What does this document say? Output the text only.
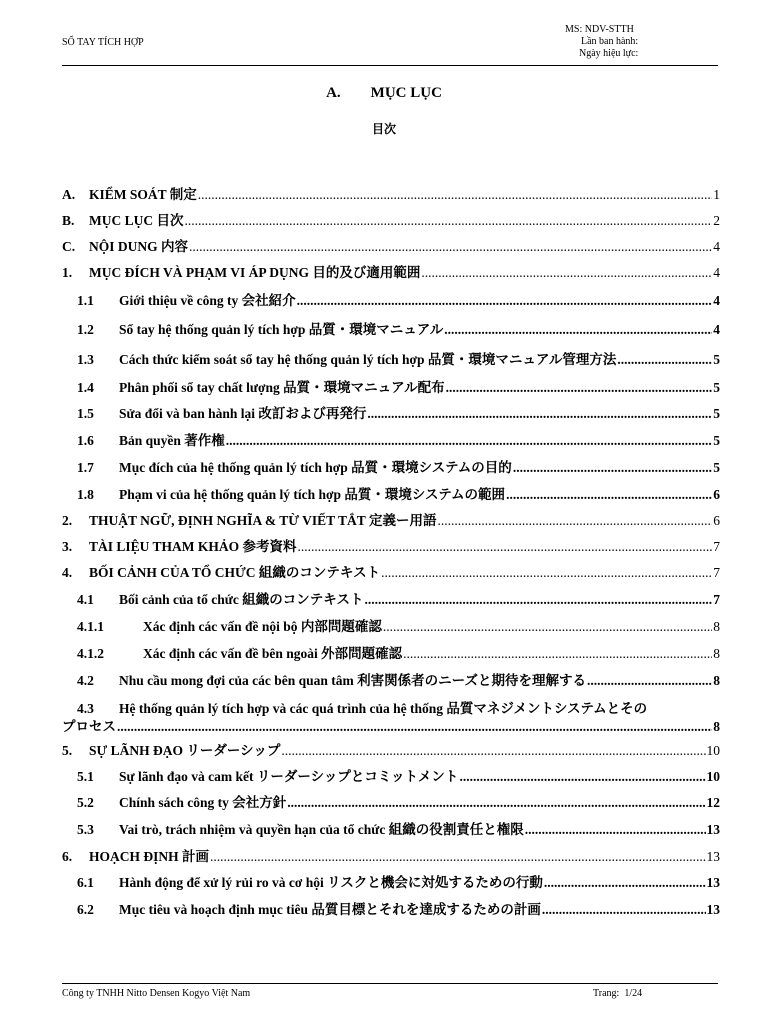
SỔ TAY TÍCH HỢP
MS: NDV-STTH
Lần ban hành:
Ngày hiệu lực:
A. MỤC LỤC
目次
A.	KIỂM SOÁT 制定 .....	1
B.	MỤC LỤC 目次 .....	2
C.	NỘI DUNG 内容 .....	4
1.	MỤC ĐÍCH VÀ PHẠM VI ÁP DỤNG 目的及び適用範囲 .....	4
1.1	Giới thiệu về công ty 会社紹介 .....	4
1.2	Sổ tay hệ thống quản lý tích hợp 品質・環境マニュアル .....	4
1.3	Cách thức kiểm soát sổ tay hệ thống quản lý tích hợp 品質・環境マニュアル管理方法 .....	5
1.4	Phân phối sổ tay chất lượng 品質・環境マニュアル配布 .....	5
1.5	Sửa đổi và ban hành lại 改訂および再発行 .....	5
1.6	Bản quyền 著作権 .....	5
1.7	Mục đích của hệ thống quản lý tích hợp 品質・環境システムの目的 .....	5
1.8	Phạm vi của hệ thống quản lý tích hợp 品質・環境システムの範囲 .....	6
2.	THUẬT NGỮ, ĐỊNH NGHĨA & TỪ VIẾT TẮT 定義ー用語 .....	6
3.	TÀI LIỆU THAM KHẢO 参考資料 .....	7
4.	BỐI CẢNH CỦA TỔ CHỨC 組織のコンテキスト .....	7
4.1	Bối cảnh của tổ chức 組織のコンテキスト .....	7
4.1.1	Xác định các vấn đề nội bộ 内部問題確認 .....	8
4.1.2	Xác định các vấn đề bên ngoài 外部問題確認 .....	8
4.2	Nhu cầu mong đợi của các bên quan tâm 利害関係者のニーズと期待を理解する .....	8
4.3 Hệ thống quản lý tích hợp và các quá trình của hệ thống 品質マネジメントシステムとその
プロセス .....	8
5.	SỰ LÃNH ĐẠO リーダーシップ .....	10
5.1	Sự lãnh đạo và cam kết リーダーシップとコミットメント .....	10
5.2	Chính sách công ty 会社方針 .....	12
5.3	Vai trò, trách nhiệm và quyền hạn của tổ chức 組織の役割責任と権限 .....	13
6.	HOẠCH ĐỊNH 計画 .....	13
6.1	Hành động để xử lý rủi ro và cơ hội リスクと機会に対処するための行動 .....	13
6.2	Mục tiêu và hoạch định mục tiêu 品質目標とそれを達成するための計画 .....	13
Công ty TNHH Nitto Densen Kogyo Việt Nam	Trang: 1/24
